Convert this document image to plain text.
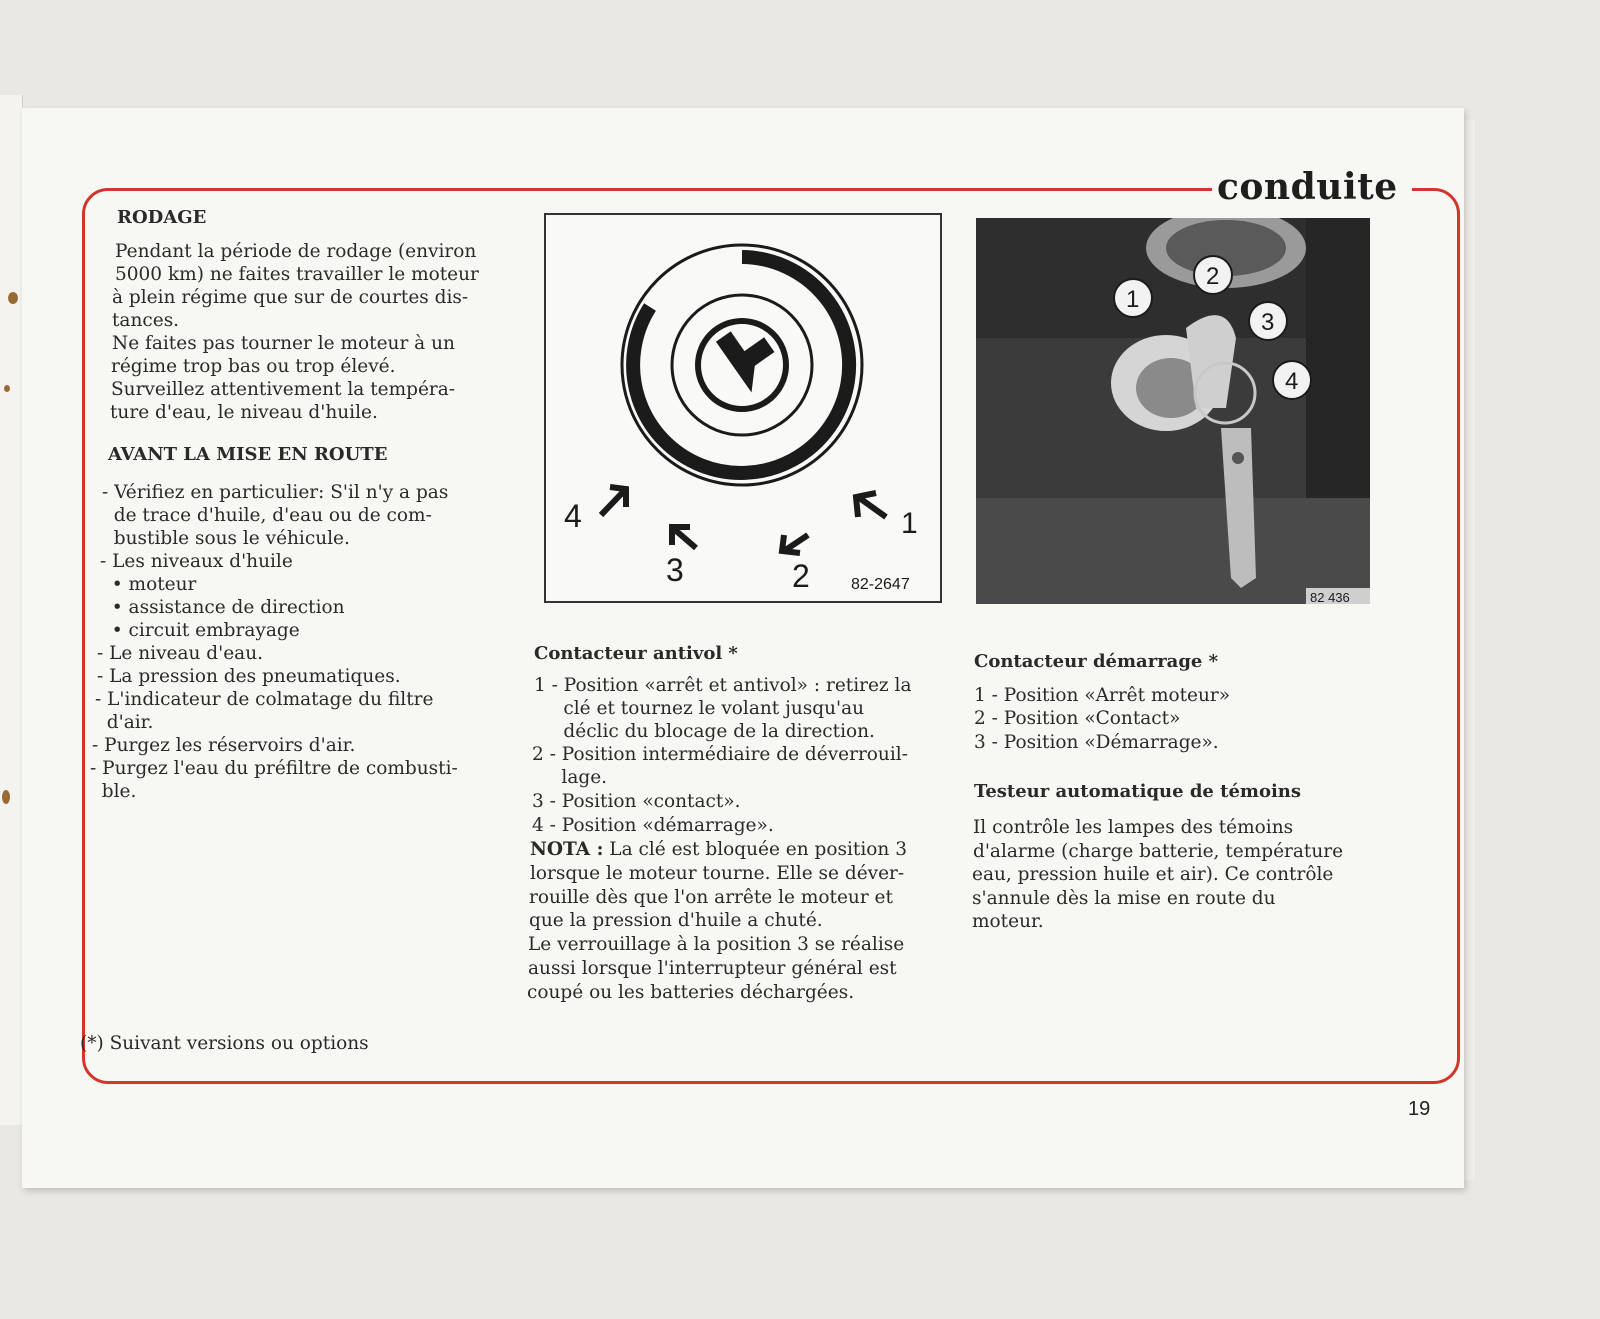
conduite

RODAGE

Pendant la période de rodage (environ

5000 km) ne faites travailler le moteur

à plein régime que sur de courtes dis-

tances.

Ne faites pas tourner le moteur à un

régime trop bas ou trop élevé.

Surveillez attentivement la tempéra-

ture d'eau, le niveau d'huile.

AVANT LA MISE EN ROUTE

- Vérifiez en particulier: S'il n'y a pas

de trace d'huile, d'eau ou de com-

bustible sous le véhicule.

- Les niveaux d'huile

• moteur

• assistance de direction

• circuit embrayage

- Le niveau d'eau.

- La pression des pneumatiques.

- L'indicateur de colmatage du filtre

d'air.

- Purgez les réservoirs d'air.

- Purgez l'eau du préfiltre de combusti-

ble.

(*) Suivant versions ou options

1
2
3
4
82-2647
1
2
3
4
82 436

Contacteur antivol *

1 - Position «arrêt et antivol» : retirez la

clé et tournez le volant jusqu'au

déclic du blocage de la direction.

2 - Position intermédiaire de déverrouil-

lage.

3 - Position «contact».

4 - Position «démarrage».

NOTA : La clé est bloquée en position 3

lorsque le moteur tourne. Elle se déver-

rouille dès que l'on arrête le moteur et

que la pression d'huile a chuté.

Le verrouillage à la position 3 se réalise

aussi lorsque l'interrupteur général est

coupé ou les batteries déchargées.

Contacteur démarrage *

1 - Position «Arrêt moteur»

2 - Position «Contact»

3 - Position «Démarrage».

Testeur automatique de témoins

Il contrôle les lampes des témoins

d'alarme (charge batterie, température

eau, pression huile et air). Ce contrôle

s'annule dès la mise en route du

moteur.

19
